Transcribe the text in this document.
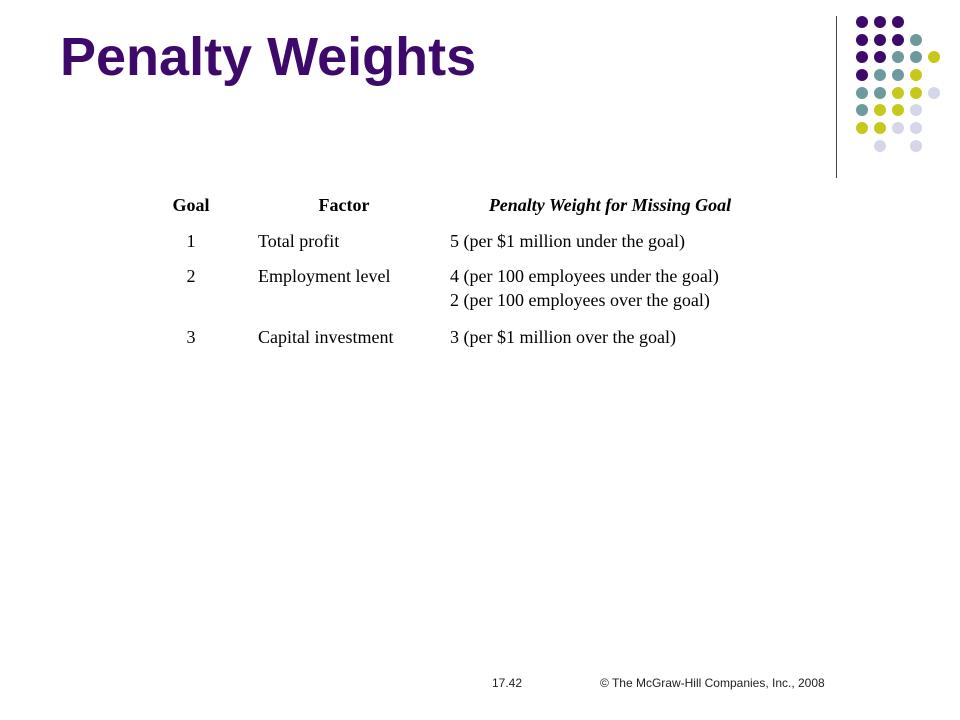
Penalty Weights
Goal	Factor	Penalty Weight for Missing Goal
1	Total profit	5 (per $1 million under the goal)
2	Employment level	4 (per 100 employees under the goal)
2 (per 100 employees over the goal)
3	Capital investment	3 (per $1 million over the goal)
17.42	© The McGraw-Hill Companies, Inc., 2008
